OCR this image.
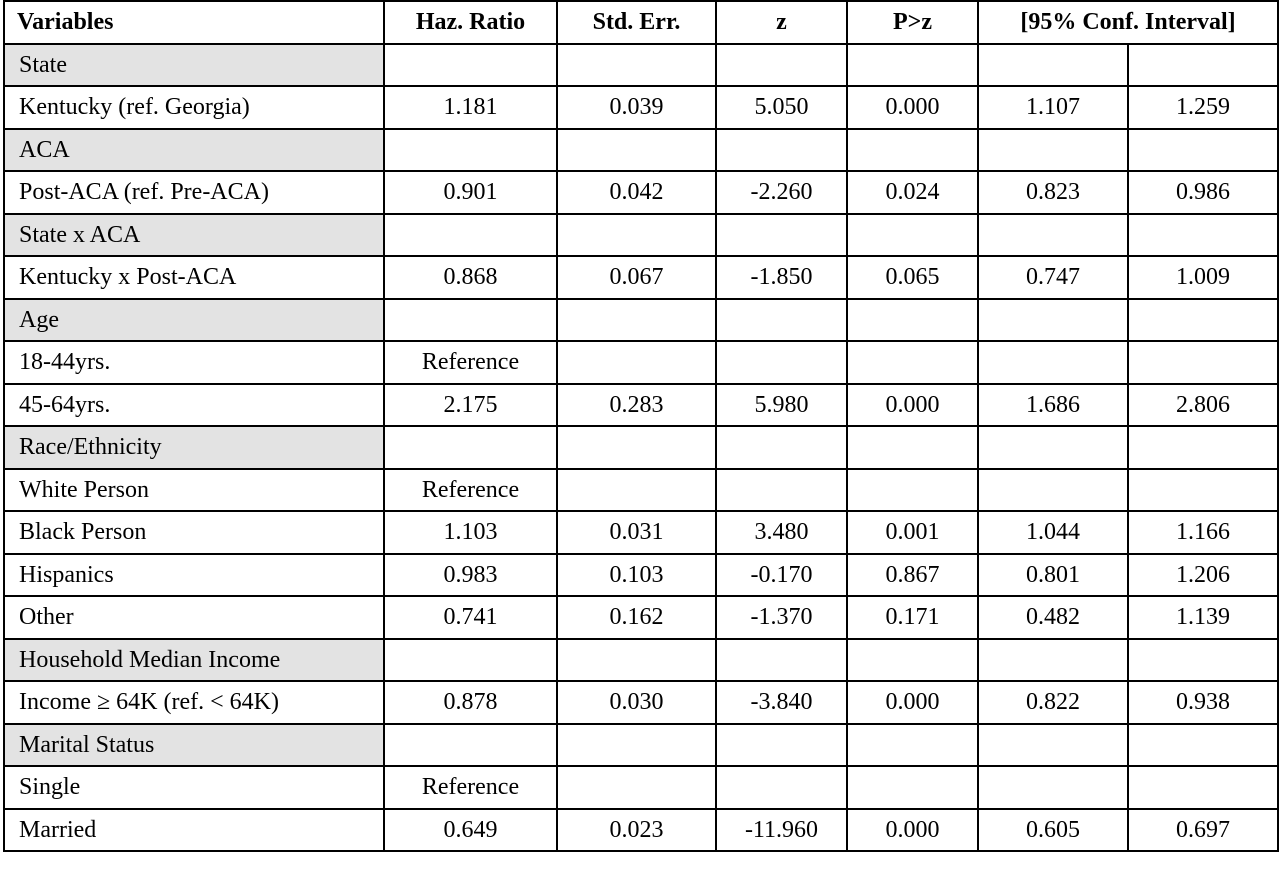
Variables	Haz. Ratio	Std. Err.	z	P>z	[95% Conf. Interval]	
State						
Kentucky (ref. Georgia)	1.181	0.039	5.050	0.000	1.107	1.259
ACA						
Post-ACA (ref. Pre-ACA)	0.901	0.042	-2.260	0.024	0.823	0.986
State x ACA						
Kentucky x Post-ACA	0.868	0.067	-1.850	0.065	0.747	1.009
Age						
18-44yrs.	Reference					
45-64yrs.	2.175	0.283	5.980	0.000	1.686	2.806
Race/Ethnicity						
White Person	Reference					
Black Person	1.103	0.031	3.480	0.001	1.044	1.166
Hispanics	0.983	0.103	-0.170	0.867	0.801	1.206
Other	0.741	0.162	-1.370	0.171	0.482	1.139
Household Median Income						
Income ≥ 64K (ref. < 64K)	0.878	0.030	-3.840	0.000	0.822	0.938
Marital Status						
Single	Reference					
Married	0.649	0.023	-11.960	0.000	0.605	0.697
